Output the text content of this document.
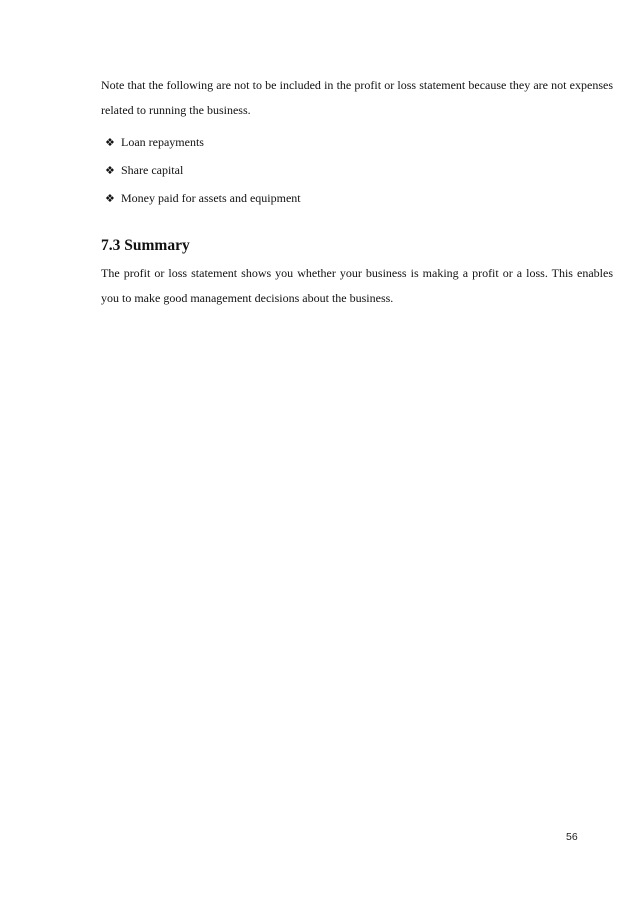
Note that the following are not to be included in the profit or loss statement because they are not expenses related to running the business.

❖ Loan repayments
❖ Share capital
❖ Money paid for assets and equipment
7.3 Summary

The profit or loss statement shows you whether your business is making a profit or a loss. This enables you to make good management decisions about the business.

56
